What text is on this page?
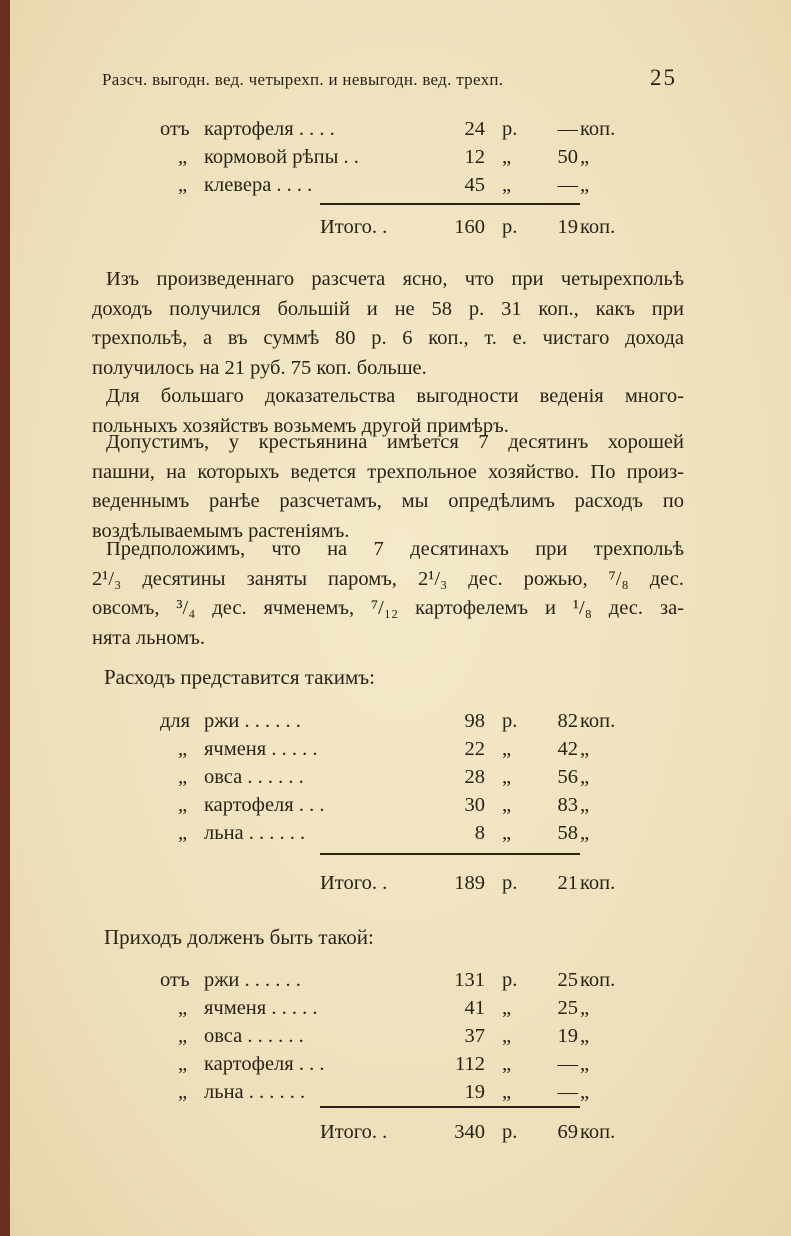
Разсч. выгодн. вед. четырехп. и невыгодн. вед. трехп.	25
отъ картофеля . . . .	24 р.	— коп.
„ кормовой рѣпы . .	12 „	50 „
„ клевера . . . .	45 „	— „
Итого. .	160 р.	19 коп.
Изъ произведеннаго разсчета ясно, что при четырехпольѣ
доходъ получился большій и не 58 р. 31 коп., какъ при
трехпольѣ, а въ суммѣ 80 р. 6 коп., т. е. чистаго дохода
получилось на 21 руб. 75 коп. больше.
Для большаго доказательства выгодности веденія много-
польныхъ хозяйствъ возьмемъ другой примѣръ.
Допустимъ, у крестьянина имѣется 7 десятинъ хорошей
пашни, на которыхъ ведется трехпольное хозяйство. По произ-
веденнымъ ранѣе разсчетамъ, мы опредѣлимъ расходъ по
воздѣлываемымъ растеніямъ.
Предположимъ, что на 7 десятинахъ при трехпольѣ
2¹/₃ десятины заняты паромъ, 2¹/₃ дес. рожью, ⁷/₈ дес.
овсомъ, ³/₄ дес. ячменемъ, ⁷/₁₂ картофелемъ и ¹/₈ дес. за-
нята льномъ.
Расходъ представится такимъ:
для ржи . . . . . .	98 р.	82 коп.
„ ячменя . . . . .	22 „	42 „
„ овса . . . . . .	28 „	56 „
„ картофеля . . .	30 „	83 „
„ льна . . . . . .	8 „	58 „
Итого. .	189 р.	21 коп.
Приходъ долженъ быть такой:
отъ ржи . . . . . .	131 р.	25 коп.
„ ячменя . . . . .	41 „	25 „
„ овса . . . . . .	37 „	19 „
„ картофеля . . .	112 „	— „
„ льна . . . . . .	19 „	— „
Итого. .	340 р.	69 коп.
